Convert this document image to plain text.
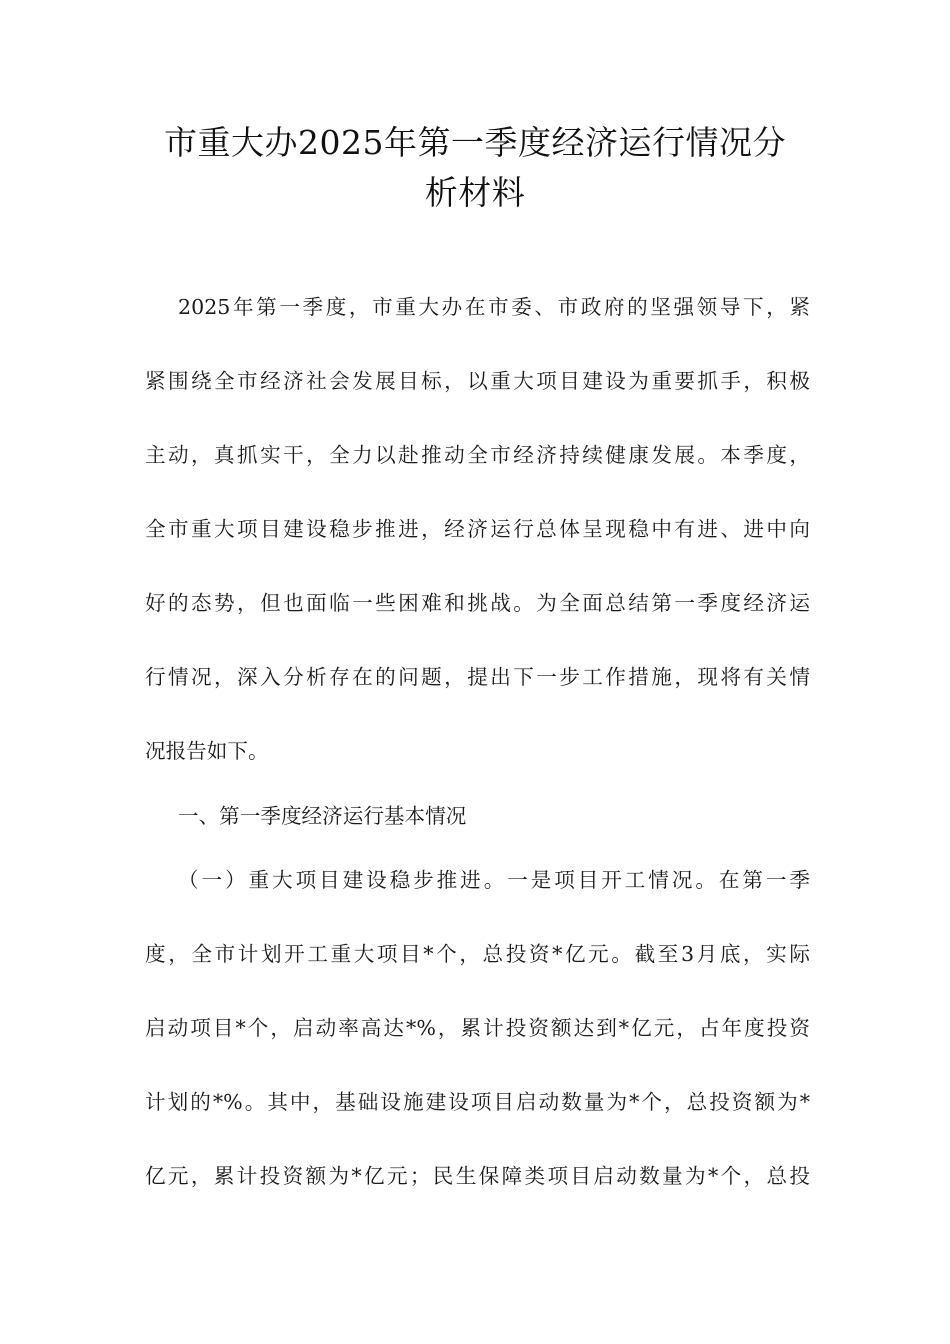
市重大办2025年第一季度经济运行情况分
析材料
2025年第一季度，市重大办在市委、市政府的坚强领导下，紧
紧围绕全市经济社会发展目标，以重大项目建设为重要抓手，积极
主动，真抓实干，全力以赴推动全市经济持续健康发展。本季度，
全市重大项目建设稳步推进，经济运行总体呈现稳中有进、进中向
好的态势，但也面临一些困难和挑战。为全面总结第一季度经济运
行情况，深入分析存在的问题，提出下一步工作措施，现将有关情
况报告如下。
一、第一季度经济运行基本情况
（一）重大项目建设稳步推进。一是项目开工情况。在第一季
度，全市计划开工重大项目*个，总投资*亿元。截至3月底，实际
启动项目*个，启动率高达*%，累计投资额达到*亿元，占年度投资
计划的*%。其中，基础设施建设项目启动数量为*个，总投资额为*
亿元，累计投资额为*亿元；民生保障类项目启动数量为*个，总投
